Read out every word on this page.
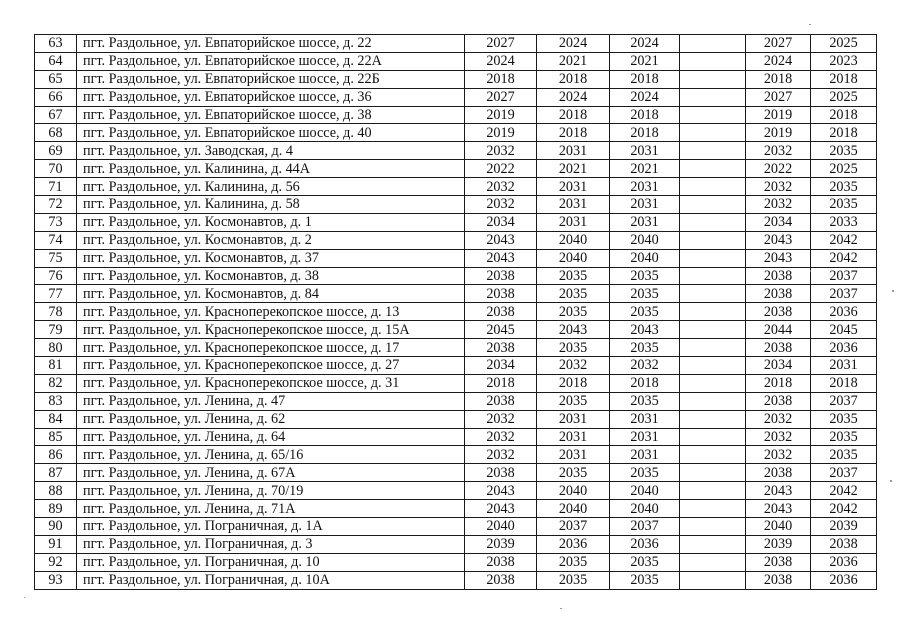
63	пгт. Раздольное, ул. Евпаторийское шоссе, д. 22	2027	2024	2024		2027	2025
64	пгт. Раздольное, ул. Евпаторийское шоссе, д. 22А	2024	2021	2021		2024	2023
65	пгт. Раздольное, ул. Евпаторийское шоссе, д. 22Б	2018	2018	2018		2018	2018
66	пгт. Раздольное, ул. Евпаторийское шоссе, д. 36	2027	2024	2024		2027	2025
67	пгт. Раздольное, ул. Евпаторийское шоссе, д. 38	2019	2018	2018		2019	2018
68	пгт. Раздольное, ул. Евпаторийское шоссе, д. 40	2019	2018	2018		2019	2018
69	пгт. Раздольное, ул. Заводская, д. 4	2032	2031	2031		2032	2035
70	пгт. Раздольное, ул. Калинина, д. 44А	2022	2021	2021		2022	2025
71	пгт. Раздольное, ул. Калинина, д. 56	2032	2031	2031		2032	2035
72	пгт. Раздольное, ул. Калинина, д. 58	2032	2031	2031		2032	2035
73	пгт. Раздольное, ул. Космонавтов, д. 1	2034	2031	2031		2034	2033
74	пгт. Раздольное, ул. Космонавтов, д. 2	2043	2040	2040		2043	2042
75	пгт. Раздольное, ул. Космонавтов, д. 37	2043	2040	2040		2043	2042
76	пгт. Раздольное, ул. Космонавтов, д. 38	2038	2035	2035		2038	2037
77	пгт. Раздольное, ул. Космонавтов, д. 84	2038	2035	2035		2038	2037
78	пгт. Раздольное, ул. Красноперекопское шоссе, д. 13	2038	2035	2035		2038	2036
79	пгт. Раздольное, ул. Красноперекопское шоссе, д. 15А	2045	2043	2043		2044	2045
80	пгт. Раздольное, ул. Красноперекопское шоссе, д. 17	2038	2035	2035		2038	2036
81	пгт. Раздольное, ул. Красноперекопское шоссе, д. 27	2034	2032	2032		2034	2031
82	пгт. Раздольное, ул. Красноперекопское шоссе, д. 31	2018	2018	2018		2018	2018
83	пгт. Раздольное, ул. Ленина, д. 47	2038	2035	2035		2038	2037
84	пгт. Раздольное, ул. Ленина, д. 62	2032	2031	2031		2032	2035
85	пгт. Раздольное, ул. Ленина, д. 64	2032	2031	2031		2032	2035
86	пгт. Раздольное, ул. Ленина, д. 65/16	2032	2031	2031		2032	2035
87	пгт. Раздольное, ул. Ленина, д. 67А	2038	2035	2035		2038	2037
88	пгт. Раздольное, ул. Ленина, д. 70/19	2043	2040	2040		2043	2042
89	пгт. Раздольное, ул. Ленина, д. 71А	2043	2040	2040		2043	2042
90	пгт. Раздольное, ул. Пограничная, д. 1А	2040	2037	2037		2040	2039
91	пгт. Раздольное, ул. Пограничная, д. 3	2039	2036	2036		2039	2038
92	пгт. Раздольное, ул. Пограничная, д. 10	2038	2035	2035		2038	2036
93	пгт. Раздольное, ул. Пограничная, д. 10А	2038	2035	2035		2038	2036
